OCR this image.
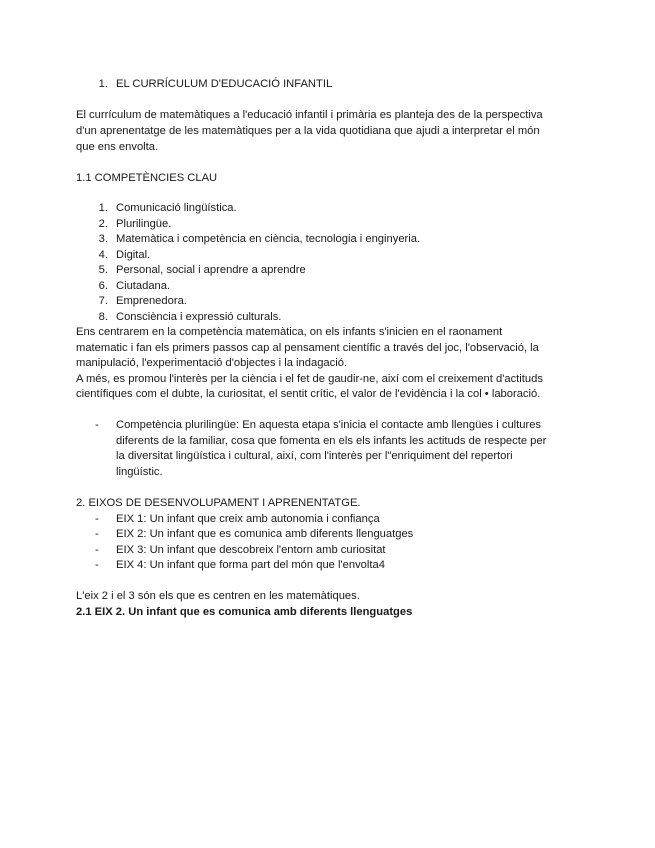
1. EL CURRÍCULUM D'EDUCACIÓ INFANTIL
El currículum de matemàtiques a l'educació infantil i primària es planteja des de la perspectiva
d'un aprenentatge de les matemàtiques per a la vida quotidiana que ajudi a interpretar el món
que ens envolta.
1.1 COMPETÈNCIES CLAU
1. Comunicació lingüística.
2. Plurilingüe.
3. Matemàtica i competència en ciència, tecnologia i enginyeria.
4. Digital.
5. Personal, social i aprendre a aprendre
6. Ciutadana.
7. Emprenedora.
8. Consciència i expressió culturals.
Ens centrarem en la competència matemàtica, on els infants s'inicien en el raonament
matematic i fan els primers passos cap al pensament científic a través del joc, l'observació, la
manipulació, l'experimentació d'objectes i la indagació.
A més, es promou l'interès per la ciència i el fet de gaudir-ne, així com el creixement d'actituds
científiques com el dubte, la curiositat, el sentit crític, el valor de l'evidència i la col • laboració.
- Competència plurilingüe: En aquesta etapa s'inicia el contacte amb llengües i cultures
diferents de la familiar, cosa que fomenta en els els infants les actituds de respecte per
la diversitat lingüística i cultural, així, com l'interès per l"enriquiment del repertori
lingüístic.
2. EIXOS DE DESENVOLUPAMENT I APRENENTATGE.
- EIX 1: Un infant que creix amb autonomia i confiança
- EIX 2: Un infant que es comunica amb diferents llenguatges
- EIX 3: Un infant que descobreix l'entorn amb curiositat
- EIX 4: Un infant que forma part del món que l'envolta4
L'eix 2 i el 3 són els que es centren en les matemàtiques.
2.1 EIX 2. Un infant que es comunica amb diferents llenguatges
